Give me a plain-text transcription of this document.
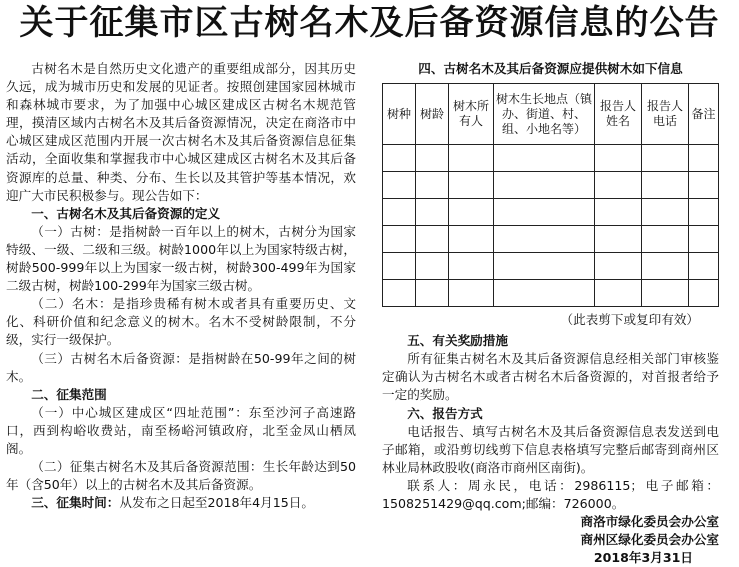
关于征集市区古树名木及后备资源信息的公告

古树名木是自然历史文化遗产的重要组成部分，因其历史久远，成为城市历史和发展的见证者。按照创建国家园林城市和森林城市要求，为了加强中心城区建成区古树名木规范管理，摸清区域内古树名木及其后备资源情况，决定在商洛市中心城区建成区范围内开展一次古树名木及其后备资源信息征集活动，全面收集和掌握我市中心城区建成区古树名木及其后备资源库的总量、种类、分布、生长以及其管护等基本情况，欢迎广大市民积极参与。现公告如下：

一、古树名木及其后备资源的定义

（一）古树：是指树龄一百年以上的树木，古树分为国家特级、一级、二级和三级。树龄1000年以上为国家特级古树，树龄500-999年以上为国家一级古树，树龄300-499年为国家二级古树，树龄100-299年为国家三级古树。

（二）名木：是指珍贵稀有树木或者具有重要历史、文化、科研价值和纪念意义的树木。名木不受树龄限制，不分级，实行一级保护。

（三）古树名木后备资源：是指树龄在50-99年之间的树木。

二、征集范围

（一）中心城区建成区“四址范围”：东至沙河子高速路口，西到构峪收费站，南至杨峪河镇政府，北至金凤山栖凤阁。

（二）征集古树名木及其后备资源范围：生长年龄达到50年（含50年）以上的古树名木及其后备资源。

三、征集时间：从发布之日起至2018年4月15日。

四、古树名木及其后备资源应提供树木如下信息
树种	树龄	树木所有人	树木生长地点（镇办、街道、村、组、小地名等）	报告人姓名	报告人电话	备注

（此表剪下或复印有效）

五、有关奖励措施

所有征集古树名木及其后备资源信息经相关部门审核鉴定确认为古树名木或者古树名木后备资源的，对首报者给予一定的奖励。

六、报告方式

电话报告、填写古树名木及其后备资源信息表发送到电子邮箱，或沿剪切线剪下信息表格填写完整后邮寄到商州区林业局林政股收(商洛市商州区南街)。

联系人：周永民，电话：2986115；电子邮箱：1508251429@qq.com;邮编：726000。

商洛市绿化委员会办公室
商州区绿化委员会办公室
2018年3月31日
